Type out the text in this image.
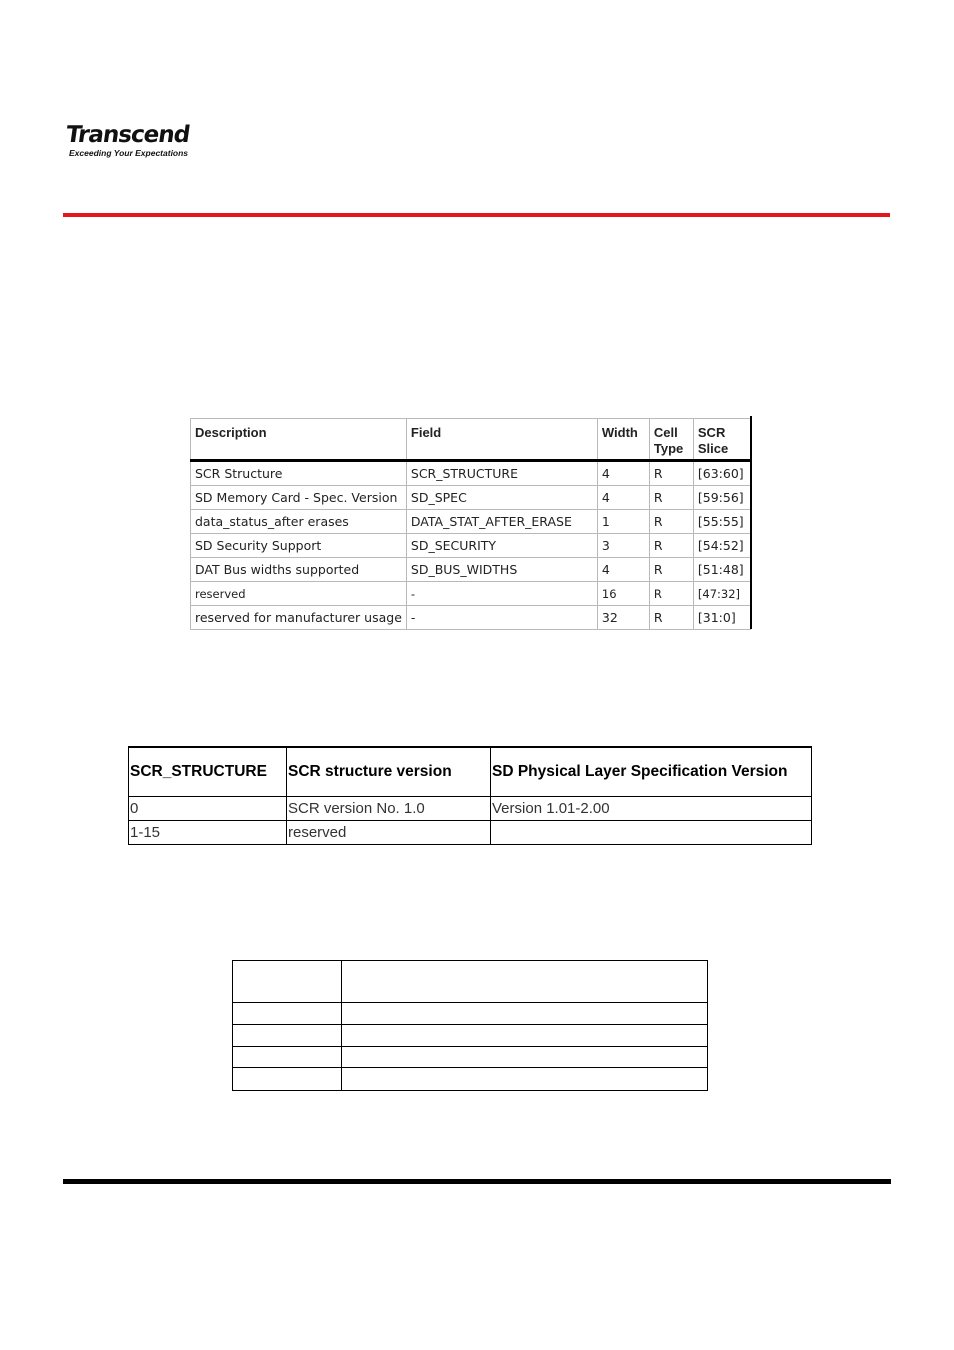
Transcend
Exceeding Your Expectations
Description	Field	Width	Cell Type	SCR Slice
SCR Structure	SCR_STRUCTURE	4	R	[63:60]
SD Memory Card - Spec. Version	SD_SPEC	4	R	[59:56]
data_status_after erases	DATA_STAT_AFTER_ERASE	1	R	[55:55]
SD Security Support	SD_SECURITY	3	R	[54:52]
DAT Bus widths supported	SD_BUS_WIDTHS	4	R	[51:48]
reserved	-	16	R	[47:32]
reserved for manufacturer usage	-	32	R	[31:0]
SCR_STRUCTURE	SCR structure version	SD Physical Layer Specification Version
0	SCR version No. 1.0	Version 1.01-2.00
1-15	reserved	
